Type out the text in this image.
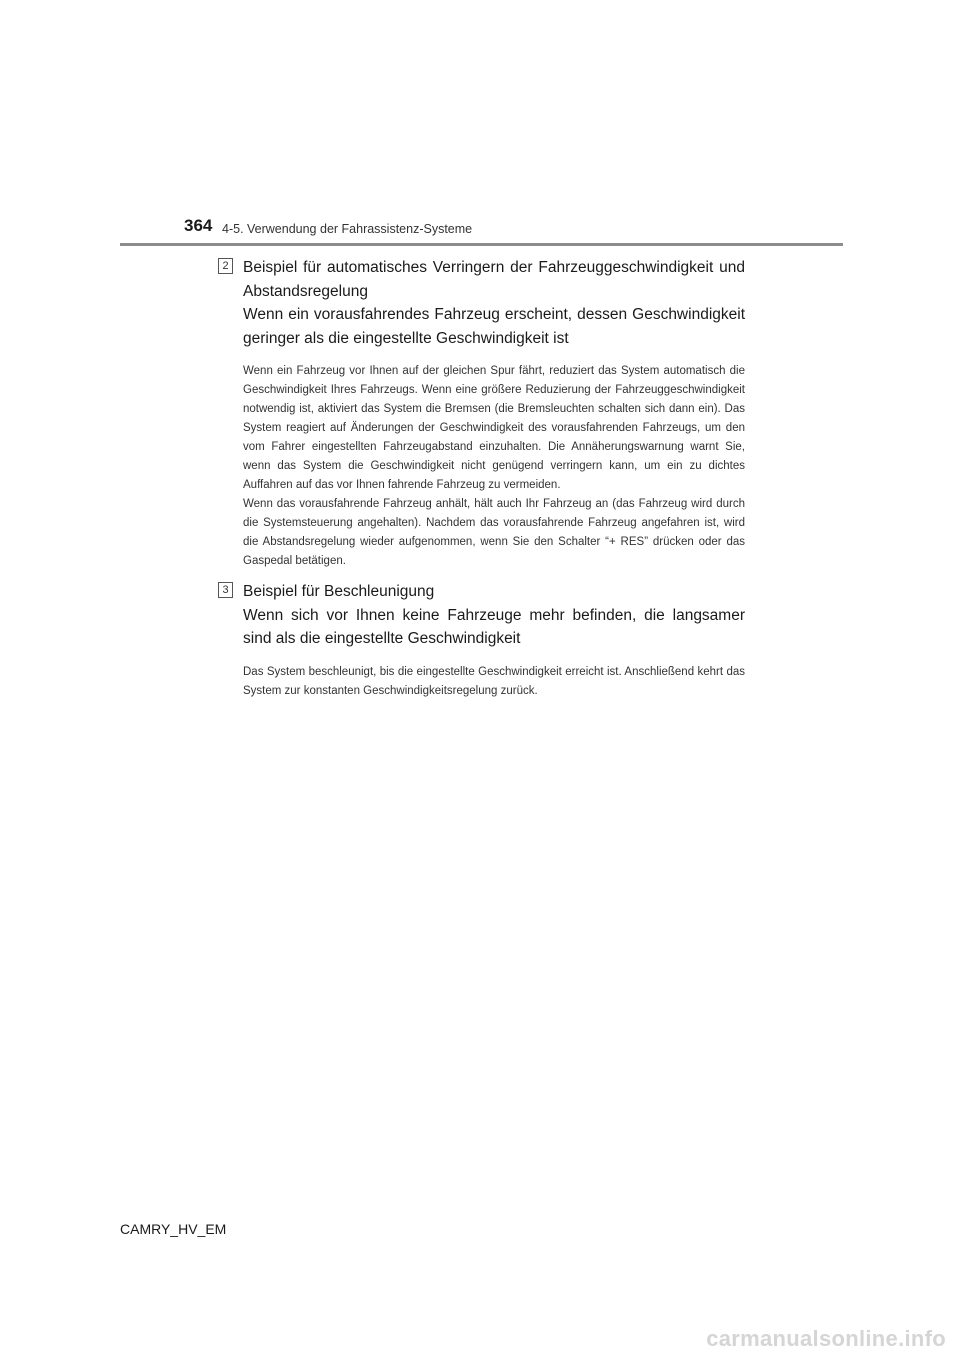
364 4-5. Verwendung der Fahrassistenz-Systeme
2 Beispiel für automatisches Verringern der Fahrzeuggeschwindigkeit und Abstandsregelung
Wenn ein vorausfahrendes Fahrzeug erscheint, dessen Geschwindigkeit geringer als die eingestellte Geschwindigkeit ist

Wenn ein Fahrzeug vor Ihnen auf der gleichen Spur fährt, reduziert das System automatisch die Geschwindigkeit Ihres Fahrzeugs. Wenn eine größere Reduzierung der Fahrzeuggeschwindigkeit notwendig ist, aktiviert das System die Bremsen (die Bremsleuchten schalten sich dann ein). Das System reagiert auf Änderungen der Geschwindigkeit des vorausfahrenden Fahrzeugs, um den vom Fahrer eingestellten Fahrzeugabstand einzuhalten. Die Annäherungswarnung warnt Sie, wenn das System die Geschwindigkeit nicht genügend verringern kann, um ein zu dichtes Auffahren auf das vor Ihnen fahrende Fahrzeug zu vermeiden.

Wenn das vorausfahrende Fahrzeug anhält, hält auch Ihr Fahrzeug an (das Fahrzeug wird durch die Systemsteuerung angehalten). Nachdem das vorausfahrende Fahrzeug angefahren ist, wird die Abstandsregelung wieder aufgenommen, wenn Sie den Schalter “+ RES” drücken oder das Gaspedal betätigen.

3 Beispiel für Beschleunigung
Wenn sich vor Ihnen keine Fahrzeuge mehr befinden, die langsamer sind als die eingestellte Geschwindigkeit

Das System beschleunigt, bis die eingestellte Geschwindigkeit erreicht ist. Anschließend kehrt das System zur konstanten Geschwindigkeitsregelung zurück.

CAMRY_HV_EM
carmanualsonline.info
